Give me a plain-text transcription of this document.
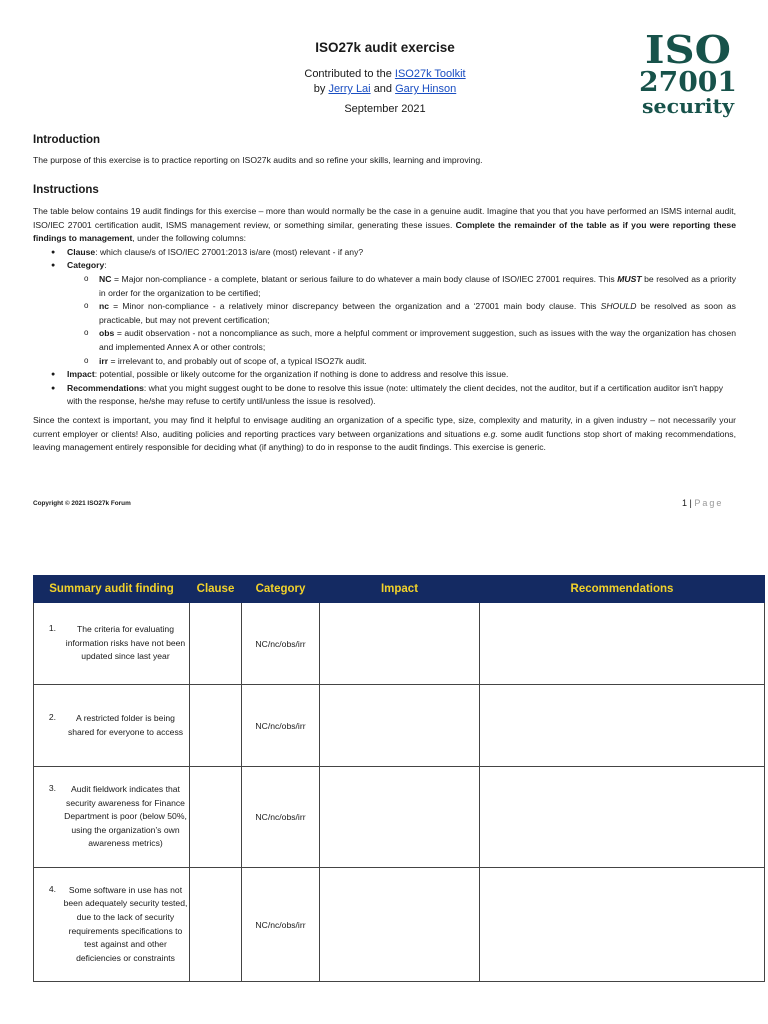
ISO27k audit exercise

Contributed to the ISO27k Toolkit

by Jerry Lai and Gary Hinson

September 2021
ISO
27001
security
Introduction

The purpose of this exercise is to practice reporting on ISO27k audits and so refine your skills, learning and improving.

Instructions

The table below contains 19 audit findings for this exercise – more than would normally be the case in a genuine audit. Imagine that you that you have performed an ISMS internal audit, ISO/IEC 27001 certification audit, ISMS management review, or something similar, generating these issues. Complete the remainder of the table as if you were reporting these findings to management, under the following columns:

● Clause: which clause/s of ISO/IEC 27001:2013 is/are (most) relevant - if any?
● Category:
o NC = Major non-compliance - a complete, blatant or serious failure to do whatever a main body clause of ISO/IEC 27001 requires. This MUST be resolved as a priority in order for the organization to be certified;
o nc = Minor non-compliance - a relatively minor discrepancy between the organization and a ‘27001 main body clause. This SHOULD be resolved as soon as practicable, but may not prevent certification;
o obs = audit observation - not a noncompliance as such, more a helpful comment or improvement suggestion, such as issues with the way the organization has chosen and implemented Annex A or other controls;
o irr = irrelevant to, and probably out of scope of, a typical ISO27k audit.
● Impact: potential, possible or likely outcome for the organization if nothing is done to address and resolve this issue.
● Recommendations: what you might suggest ought to be done to resolve this issue (note: ultimately the client decides, not the auditor, but if a certification auditor isn't happy with the response, he/she may refuse to certify until/unless the issue is resolved).

Since the context is important, you may find it helpful to envisage auditing an organization of a specific type, size, complexity and maturity, in a given industry – not necessarily your current employer or clients! Also, auditing policies and reporting practices vary between organizations and situations e.g. some audit functions stop short of making recommendations, leaving management entirely responsible for deciding what (if anything) to do in response to the audit findings. This exercise is generic.

Copyright © 2021 ISO27k Forum	1 | Page
Summary audit finding	Clause	Category	Impact	Recommendations

1. The criteria for evaluating information risks have not been updated since last year		NC/nc/obs/irr		

2. A restricted folder is being shared for everyone to access		NC/nc/obs/irr		

3. Audit fieldwork indicates that security awareness for Finance Department is poor (below 50%, using the organization’s own awareness metrics)		NC/nc/obs/irr		

4. Some software in use has not been adequately security tested, due to the lack of security requirements specifications to test against and other deficiencies or constraints		NC/nc/obs/irr		
